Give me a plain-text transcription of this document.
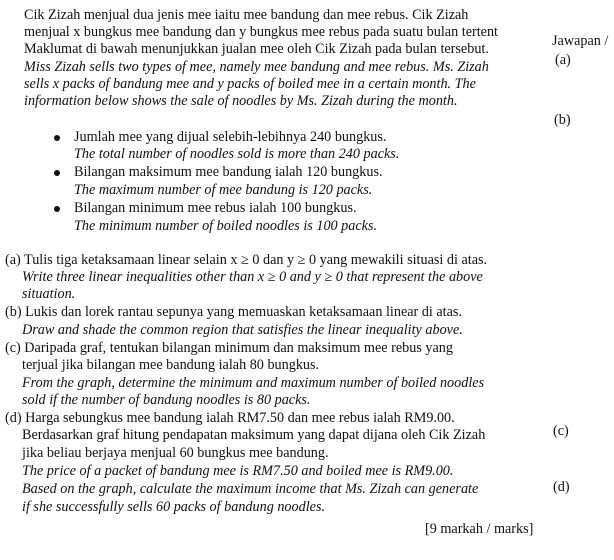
Cik Zizah menjual dua jenis mee iaitu mee bandung dan mee rebus. Cik Zizah
menjual x bungkus mee bandung dan y bungkus mee rebus pada suatu bulan tertent
Maklumat di bawah menunjukkan jualan mee oleh Cik Zizah pada bulan tersebut.
Miss Zizah sells two types of mee, namely mee bandung and mee rebus. Ms. Zizah
sells x packs of bandung mee and y packs of boiled mee in a certain month. The
information below shows the sale of noodles by Ms. Zizah during the month.
Jumlah mee yang dijual selebih-lebihnya 240 bungkus.
The total number of noodles sold is more than 240 packs.
Bilangan maksimum mee bandung ialah 120 bungkus.
The maximum number of mee bandung is 120 packs.
Bilangan minimum mee rebus ialah 100 bungkus.
The minimum number of boiled noodles is 100 packs.
(a) Tulis tiga ketaksamaan linear selain x ≥ 0 dan y ≥ 0 yang mewakili situasi di atas.
Write three linear inequalities other than x ≥ 0 and y ≥ 0 that represent the above
situation.
(b) Lukis dan lorek rantau sepunya yang memuaskan ketaksamaan linear di atas.
Draw and shade the common region that satisfies the linear inequality above.
(c) Daripada graf, tentukan bilangan minimum dan maksimum mee rebus yang
terjual jika bilangan mee bandung ialah 80 bungkus.
From the graph, determine the minimum and maximum number of boiled noodles
sold if the number of bandung noodles is 80 packs.
(d) Harga sebungkus mee bandung ialah RM7.50 dan mee rebus ialah RM9.00.
Berdasarkan graf hitung pendapatan maksimum yang dapat dijana oleh Cik Zizah
jika beliau berjaya menjual 60 bungkus mee bandung.
The price of a packet of bandung mee is RM7.50 and boiled mee is RM9.00.
Based on the graph, calculate the maximum income that Ms. Zizah can generate
if she successfully sells 60 packs of bandung noodles.
[9 markah / marks]
Jawapan /
(a)
(b)
(c)
(d)
